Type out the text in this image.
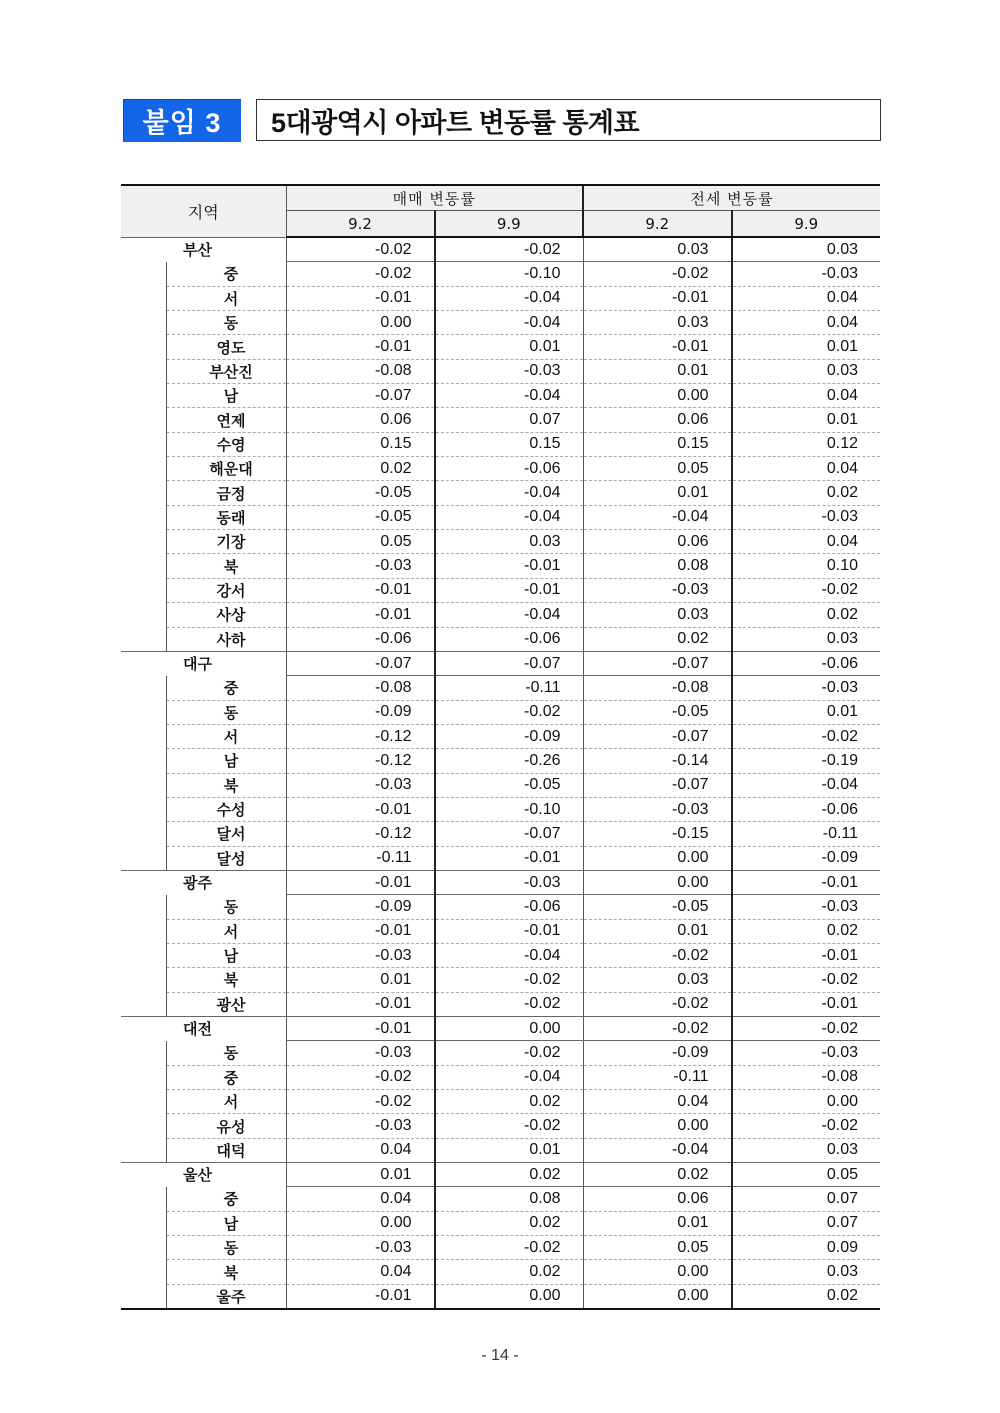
붙임 3	5대광역시 아파트 변동률 통계표
지역		매매 변동률		전세 변동률	
		9.2	9.9	9.2	9.9
부산		-0.02	-0.02	0.03	0.03
	중	-0.02	-0.10	-0.02	-0.03
	서	-0.01	-0.04	-0.01	0.04
	동	0.00	-0.04	0.03	0.04
	영도	-0.01	0.01	-0.01	0.01
	부산진	-0.08	-0.03	0.01	0.03
	남	-0.07	-0.04	0.00	0.04
	연제	0.06	0.07	0.06	0.01
	수영	0.15	0.15	0.15	0.12
	해운대	0.02	-0.06	0.05	0.04
	금정	-0.05	-0.04	0.01	0.02
	동래	-0.05	-0.04	-0.04	-0.03
	기장	0.05	0.03	0.06	0.04
	북	-0.03	-0.01	0.08	0.10
	강서	-0.01	-0.01	-0.03	-0.02
	사상	-0.01	-0.04	0.03	0.02
	사하	-0.06	-0.06	0.02	0.03
대구		-0.07	-0.07	-0.07	-0.06
	중	-0.08	-0.11	-0.08	-0.03
	동	-0.09	-0.02	-0.05	0.01
	서	-0.12	-0.09	-0.07	-0.02
	남	-0.12	-0.26	-0.14	-0.19
	북	-0.03	-0.05	-0.07	-0.04
	수성	-0.01	-0.10	-0.03	-0.06
	달서	-0.12	-0.07	-0.15	-0.11
	달성	-0.11	-0.01	0.00	-0.09
광주		-0.01	-0.03	0.00	-0.01
	동	-0.09	-0.06	-0.05	-0.03
	서	-0.01	-0.01	0.01	0.02
	남	-0.03	-0.04	-0.02	-0.01
	북	0.01	-0.02	0.03	-0.02
	광산	-0.01	-0.02	-0.02	-0.01
대전		-0.01	0.00	-0.02	-0.02
	동	-0.03	-0.02	-0.09	-0.03
	중	-0.02	-0.04	-0.11	-0.08
	서	-0.02	0.02	0.04	0.00
	유성	-0.03	-0.02	0.00	-0.02
	대덕	0.04	0.01	-0.04	0.03
울산		0.01	0.02	0.02	0.05
	중	0.04	0.08	0.06	0.07
	남	0.00	0.02	0.01	0.07
	동	-0.03	-0.02	0.05	0.09
	북	0.04	0.02	0.00	0.03
	울주	-0.01	0.00	0.00	0.02
- 14 -
